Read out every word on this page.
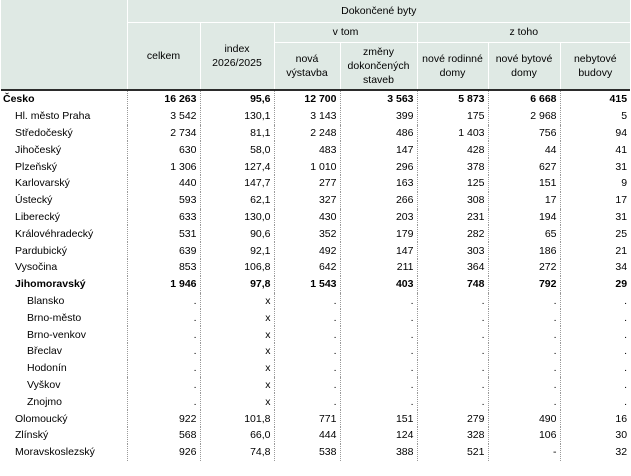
	Dokončené byty						
	celkem	index 2026/2025	v tom		z toho		
			nová výstavba	změny dokončených staveb	nové rodinné domy	nové bytové domy	nebytové budovy
Česko	16 263	95,6	12 700	3 563	5 873	6 668	415
Hl. město Praha	3 542	130,1	3 143	399	175	2 968	5
Středočeský	2 734	81,1	2 248	486	1 403	756	94
Jihočeský	630	58,0	483	147	428	44	41
Plzeňský	1 306	127,4	1 010	296	378	627	31
Karlovarský	440	147,7	277	163	125	151	9
Ústecký	593	62,1	327	266	308	17	17
Liberecký	633	130,0	430	203	231	194	31
Královéhradecký	531	90,6	352	179	282	65	25
Pardubický	639	92,1	492	147	303	186	21
Vysočina	853	106,8	642	211	364	272	34
Jihomoravský	1 946	97,8	1 543	403	748	792	29
Blansko	.	x	.	.	.	.	.
Brno-město	.	x	.	.	.	.	.
Brno-venkov	.	x	.	.	.	.	.
Břeclav	.	x	.	.	.	.	.
Hodonín	.	x	.	.	.	.	.
Vyškov	.	x	.	.	.	.	.
Znojmo	.	x	.	.	.	.	.
Olomoucký	922	101,8	771	151	279	490	16
Zlínský	568	66,0	444	124	328	106	30
Moravskoslezský	926	74,8	538	388	521	-	32
